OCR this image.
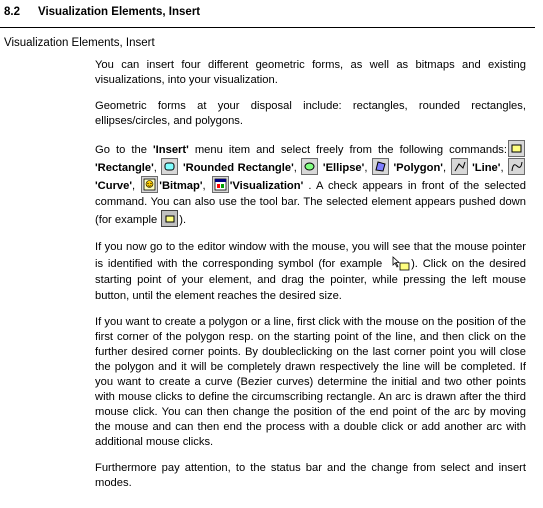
8.2	Visualization Elements, Insert
Visualization Elements, Insert

You can insert four different geometric forms, as well as bitmaps and existing visualizations, into your visualization.

Geometric forms at your disposal include: rectangles, rounded rectangles, ellipses/circles, and polygons.

Go to the 'Insert' menu item and select freely from the following commands:
'Rectangle', 'Rounded Rectangle', 'Ellipse', 'Polygon', 'Line',
'Curve', 'Bitmap', 'Visualization' . A check appears in front of the selected command. You can also use the tool bar. The selected element appears pushed down (for example
).

If you now go to the editor window with the mouse, you will see that the mouse pointer is identified with the corresponding symbol (for example
). Click on the desired starting point of your element, and drag the pointer, while pressing the left mouse button, until the element reaches the desired size.

If you want to create a polygon or a line, first click with the mouse on the position of the first corner of the polygon resp. on the starting point of the line, and then click on the further desired corner points. By doubleclicking on the last corner point you will close the polygon and it will be completely drawn respectively the line will be completed. If you want to create a curve (Bezier curves) determine the initial and two other points with mouse clicks to define the circumscribing rectangle. An arc is drawn after the third mouse click. You can then change the position of the end point of the arc by moving the mouse and can then end the process with a double click or add another arc with additional mouse clicks.

Furthermore pay attention, to the status bar and the change from select and insert modes.
